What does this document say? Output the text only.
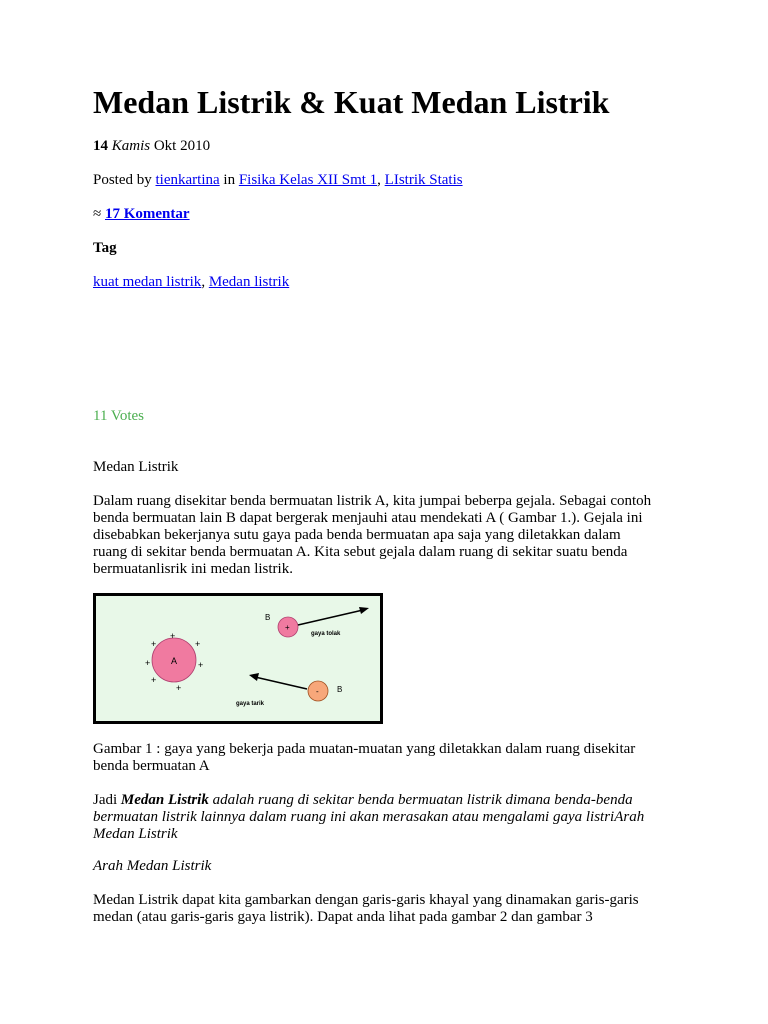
Medan Listrik & Kuat Medan Listrik
14 Kamis Okt 2010
Posted by tienkartina in Fisika Kelas XII Smt 1, LIstrik Statis
≈ 17 Komentar
Tag
kuat medan listrik, Medan listrik
11 Votes
Medan Listrik
Dalam ruang disekitar benda bermuatan listrik A, kita jumpai beberpa gejala. Sebagai contoh
benda bermuatan lain B dapat bergerak menjauhi atau mendekati A ( Gambar 1.). Gejala ini
disebabkan bekerjanya sutu gaya pada benda bermuatan apa saja yang diletakkan dalam
ruang di sekitar benda bermuatan A. Kita sebut gejala dalam ruang di sekitar suatu benda
bermuatanlisrik ini medan listrik.
A
+
+	+
+	+
+
+
B
+
gaya tolak
- B
gaya tarik
Gambar 1 : gaya yang bekerja pada muatan-muatan yang diletakkan dalam ruang disekitar
benda bermuatan A
Jadi Medan Listrik adalah ruang di sekitar benda bermuatan listrik dimana benda-benda
bermuatan listrik lainnya dalam ruang ini akan merasakan atau mengalami gaya listriArah
Medan Listrik
Arah Medan Listrik
Medan Listrik dapat kita gambarkan dengan garis-garis khayal yang dinamakan garis-garis
medan (atau garis-garis gaya listrik). Dapat anda lihat pada gambar 2 dan gambar 3
